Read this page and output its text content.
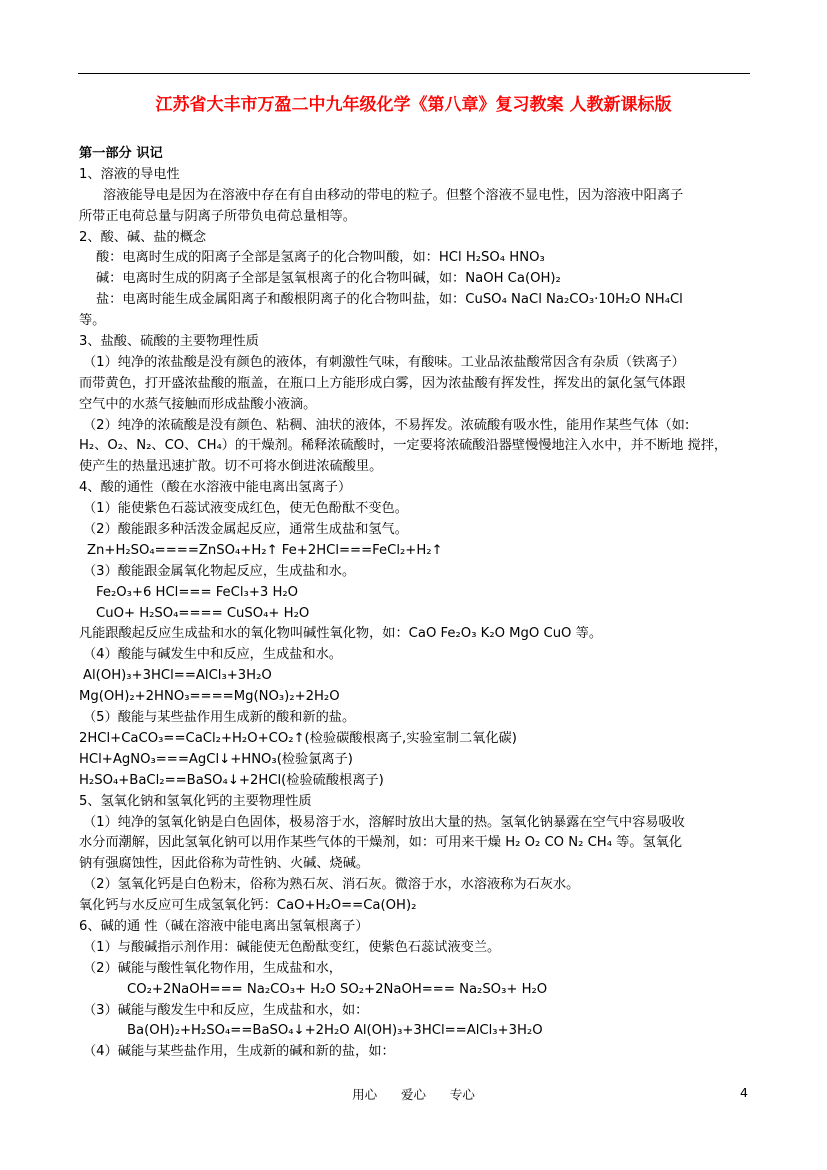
江苏省大丰市万盈二中九年级化学《第八章》复习教案 人教新课标版
第一部分 识记
1、溶液的导电性
溶液能导电是因为在溶液中存在有自由移动的带电的粒子。但整个溶液不显电性，因为溶液中阳离子
所带正电荷总量与阴离子所带负电荷总量相等。
2、酸、碱、盐的概念
酸：电离时生成的阳离子全部是氢离子的化合物叫酸，如：HCl H₂SO₄ HNO₃
碱：电离时生成的阴离子全部是氢氧根离子的化合物叫碱，如：NaOH Ca(OH)₂
盐：电离时能生成金属阳离子和酸根阴离子的化合物叫盐，如：CuSO₄ NaCl Na₂CO₃·10H₂O NH₄Cl
等。
3、盐酸、硫酸的主要物理性质
（1）纯净的浓盐酸是没有颜色的液体，有刺激性气味，有酸味。工业品浓盐酸常因含有杂质（铁离子）
而带黄色，打开盛浓盐酸的瓶盖，在瓶口上方能形成白雾，因为浓盐酸有挥发性，挥发出的氯化氢气体跟
空气中的水蒸气接触而形成盐酸小液滴。
（2）纯净的浓硫酸是没有颜色、粘稠、油状的液体，不易挥发。浓硫酸有吸水性，能用作某些气体（如:
H₂、O₂、N₂、CO、CH₄）的干燥剂。稀释浓硫酸时，一定要将浓硫酸沿器壁慢慢地注入水中，并不断地 搅拌，
使产生的热量迅速扩散。切不可将水倒进浓硫酸里。
4、酸的通性（酸在水溶液中能电离出氢离子）
（1）能使紫色石蕊试液变成红色，使无色酚酞不变色。
（2）酸能跟多种活泼金属起反应，通常生成盐和氢气。
Zn+H₂SO₄====ZnSO₄+H₂↑ Fe+2HCl===FeCl₂+H₂↑
（3）酸能跟金属氧化物起反应，生成盐和水。
Fe₂O₃+6 HCl=== FeCl₃+3 H₂O
CuO+ H₂SO₄==== CuSO₄+ H₂O
凡能跟酸起反应生成盐和水的氧化物叫碱性氧化物，如：CaO Fe₂O₃ K₂O MgO CuO 等。
（4）酸能与碱发生中和反应，生成盐和水。
Al(OH)₃+3HCl==AlCl₃+3H₂O
Mg(OH)₂+2HNO₃====Mg(NO₃)₂+2H₂O
（5）酸能与某些盐作用生成新的酸和新的盐。
2HCl+CaCO₃==CaCl₂+H₂O+CO₂↑(检验碳酸根离子,实验室制二氧化碳)
HCl+AgNO₃===AgCl↓+HNO₃(检验氯离子)
H₂SO₄+BaCl₂==BaSO₄↓+2HCl(检验硫酸根离子)
5、氢氧化钠和氢氧化钙的主要物理性质
（1）纯净的氢氧化钠是白色固体，极易溶于水，溶解时放出大量的热。氢氧化钠暴露在空气中容易吸收
水分而潮解，因此氢氧化钠可以用作某些气体的干燥剂，如：可用来干燥 H₂ O₂ CO N₂ CH₄ 等。氢氧化
钠有强腐蚀性，因此俗称为苛性钠、火碱、烧碱。
（2）氢氧化钙是白色粉末，俗称为熟石灰、消石灰。微溶于水，水溶液称为石灰水。
氧化钙与水反应可生成氢氧化钙：CaO+H₂O==Ca(OH)₂
6、碱的通 性（碱在溶液中能电离出氢氧根离子）
（1）与酸碱指示剂作用：碱能使无色酚酞变红，使紫色石蕊试液变兰。
（2）碱能与酸性氧化物作用，生成盐和水，
CO₂+2NaOH=== Na₂CO₃+ H₂O SO₂+2NaOH=== Na₂SO₃+ H₂O
（3）碱能与酸发生中和反应，生成盐和水，如：
Ba(OH)₂+H₂SO₄==BaSO₄↓+2H₂O Al(OH)₃+3HCl==AlCl₃+3H₂O
（4）碱能与某些盐作用，生成新的碱和新的盐，如：
用心      爱心      专心	4
